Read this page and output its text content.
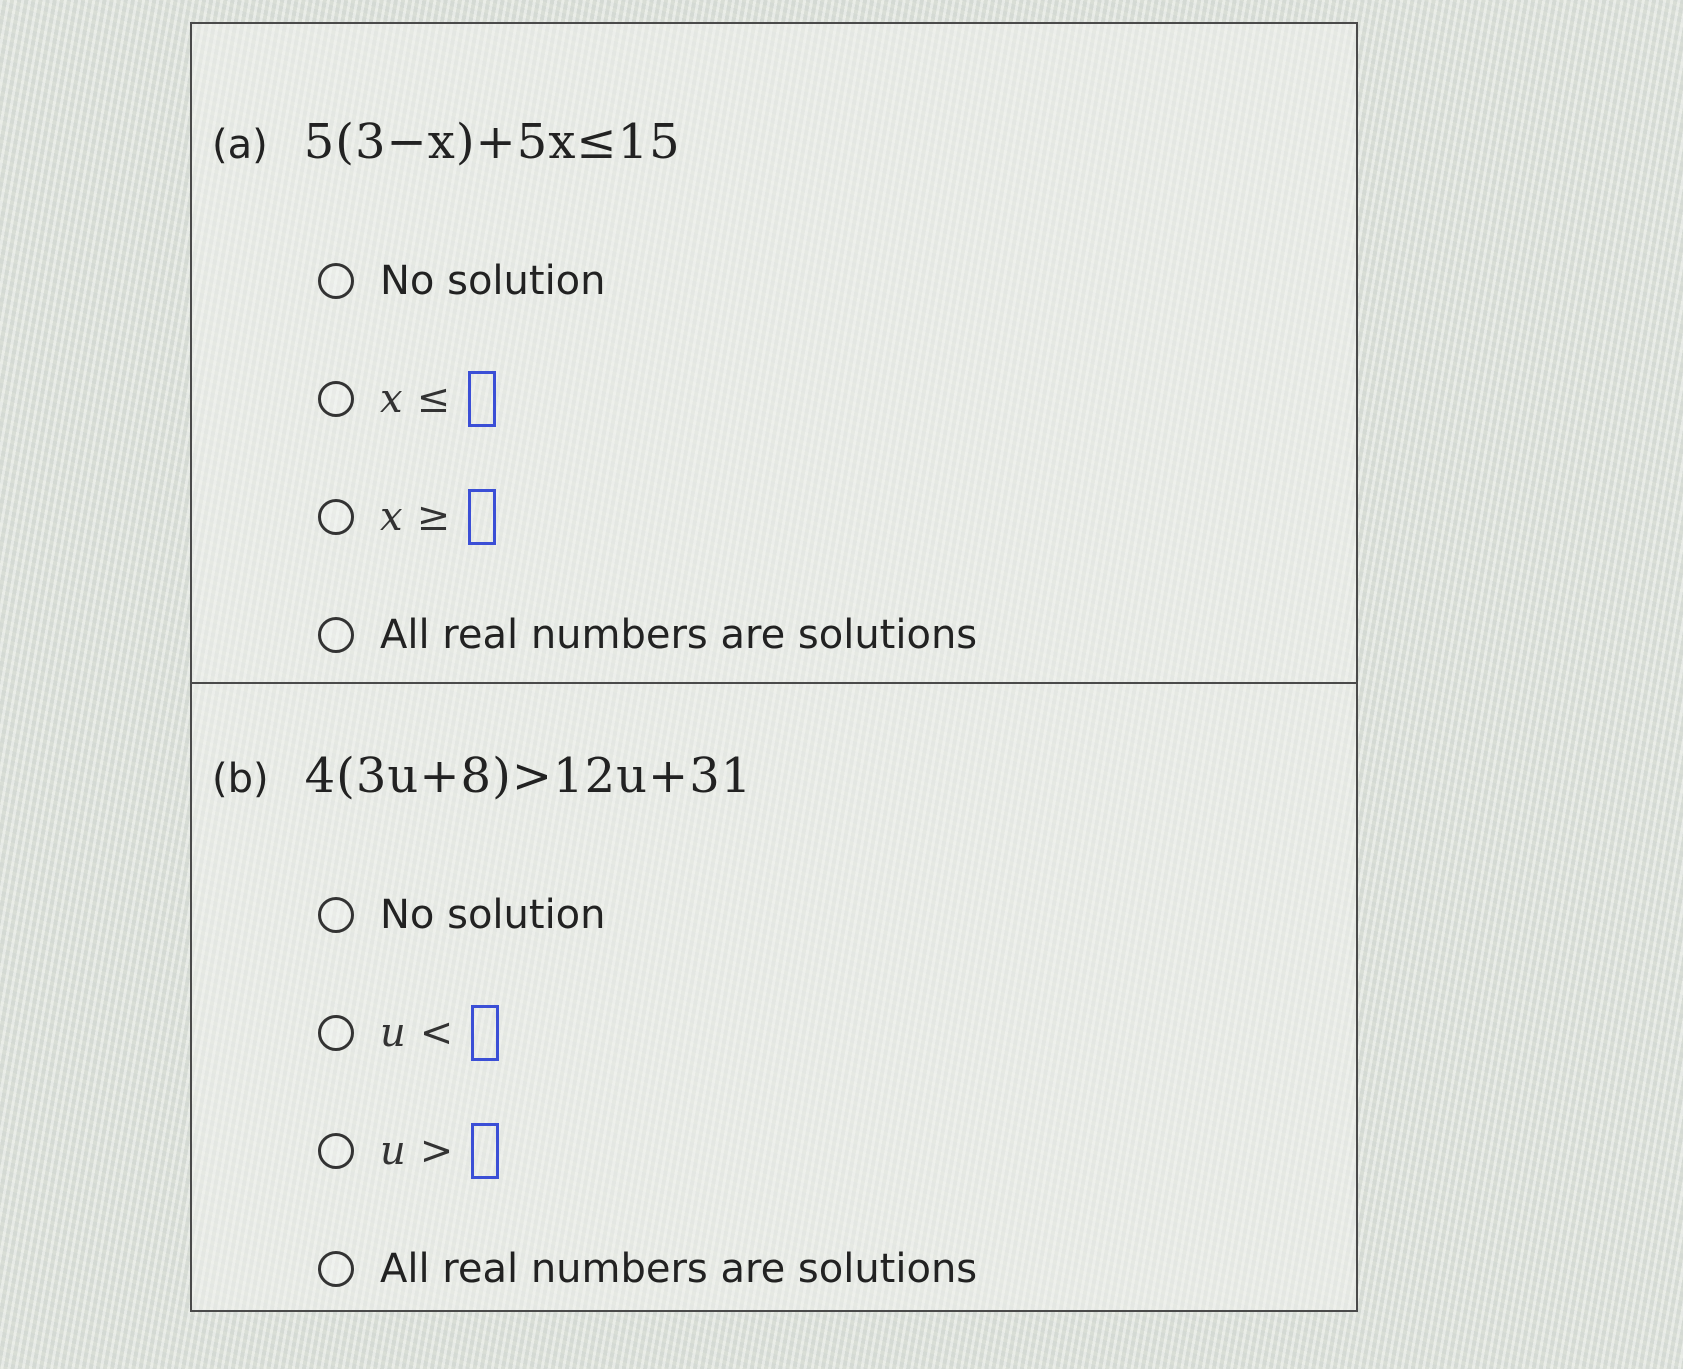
(a) 5(3−x)+5x≤15
No solution
x ≤
x ≥
All real numbers are solutions
(b) 4(3u+8)>12u+31
No solution
u <
u >
All real numbers are solutions
